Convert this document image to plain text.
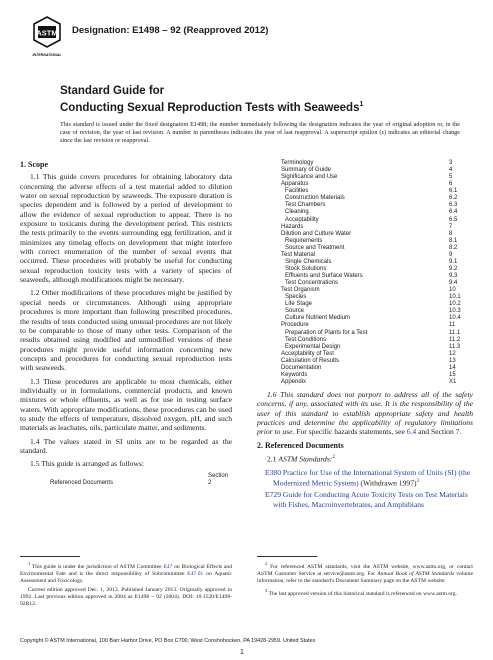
ASTM
INTERNATIONAL
Designation: E1498 – 92 (Reapproved 2012)
Standard Guide for
Conducting Sexual Reproduction Tests with Seaweeds$^1$
This standard is issued under the fixed designation E1498; the number immediately following the designation indicates the year of original adoption or, in the case of revision, the year of last revision. A number in parentheses indicates the year of last reapproval. A superscript epsilon (ε) indicates an editorial change since the last revision or reapproval.
1. Scope

1.1 This guide covers procedures for obtaining laboratory data concerning the adverse effects of a test material added to dilution water on sexual reproduction by seaweeds. The exposure duration is species dependent and is followed by a period of development to allow the evidence of sexual reproduction to appear. There is no exposure to toxicants during the development period. This restricts the tests primarily to the events surrounding egg fertilization, and it minimizes any timelag effects on development that might interfere with correct enumeration of the number of sexual events that occurred. These procedures will probably be useful for conducting sexual reproduction toxicity tests with a variety of species of seaweeds, although modifications might be necessary.

1.2 Other modifications of these procedures might be justified by special needs or circumstances. Although using appropriate procedures is more important than following prescribed procedures, the results of tests conducted using unusual procedures are not likely to be comparable to those of many other tests. Comparison of the results obtained using modified and unmodified versions of these procedures might provide useful information concerning new concepts and procedures for conducting sexual reproduction tests with seaweeds.

1.3 These procedures are applicable to most chemicals, either individually or in formulations, commercial products, and known mixtures or whole effluents, as well as for use in testing surface waters. With appropriate modifications, these procedures can be used to study the effects of temperature, dissolved oxygen, pH, and such materials as leachates, oils, particulate matter, and sediments.

1.4 The values stated in SI units are to be regarded as the standard.

1.5 This guide is arranged as follows:

Section
Referenced Documents	2
Terminology	3
Summary of Guide	4
Significance and Use	5
Apparatus	6
Facilities	6.1
Construction Materials	6.2
Test Chambers	6.3
Cleaning	6.4
Acceptability	6.5
Hazards	7
Dilution and Culture Water	8
Requirements	8.1
Source and Treatment	8.2
Test Material	9
Single Chemicals	9.1
Stock Solutions	9.2
Effluents and Surface Waters	9.3
Test Concentrations	9.4
Test Organism	10
Species	10.1
Life Stage	10.2
Source	10.3
Culture Nutrient Medium	10.4
Procedure	11
Preparation of Plants for a Test	11.1
Test Conditions	11.2
Experimental Design	11.3
Acceptability of Test	12
Calculation of Results	13
Documentation	14
Keywords	15
Appendix	X1

1.6 This standard does not purport to address all of the safety concerns, if any, associated with its use. It is the responsibility of the user of this standard to establish appropriate safety and health practices and determine the applicability of regulatory limitations prior to use. For specific hazards statements, see 6.4 and Section 7.

2. Referenced Documents

2.1 ASTM Standards:$^2$

E380 Practice for Use of the International System of Units (SI) (the Modernized Metric System) (Withdrawn 1997)$^3$

E729 Guide for Conducting Acute Toxicity Tests on Test Materials with Fishes, Macroinvertebrates, and Amphibians

$^1$ This guide is under the jurisdiction of ASTM Committee E47 on Biological Effects and Environmental Fate and is the direct responsibility of Subcommittee E47.01 on Aquatic Assessment and Toxicology.

Current edition approved Dec. 1, 2012. Published January 2013. Originally approved in 1992. Last previous edition approved in 2004 as E1498 – 92 (2004). DOI: 10.1520/E1498-92R12.

$^2$ For referenced ASTM standards, visit the ASTM website, www.astm.org, or contact ASTM Customer Service at service@astm.org. For Annual Book of ASTM Standards volume information, refer to the standard's Document Summary page on the ASTM website.

$^3$ The last approved version of this historical standard is referenced on www.astm.org.

Copyright © ASTM International, 100 Barr Harbor Drive, PO Box C700, West Conshohocken, PA 19428-2959. United States
1
